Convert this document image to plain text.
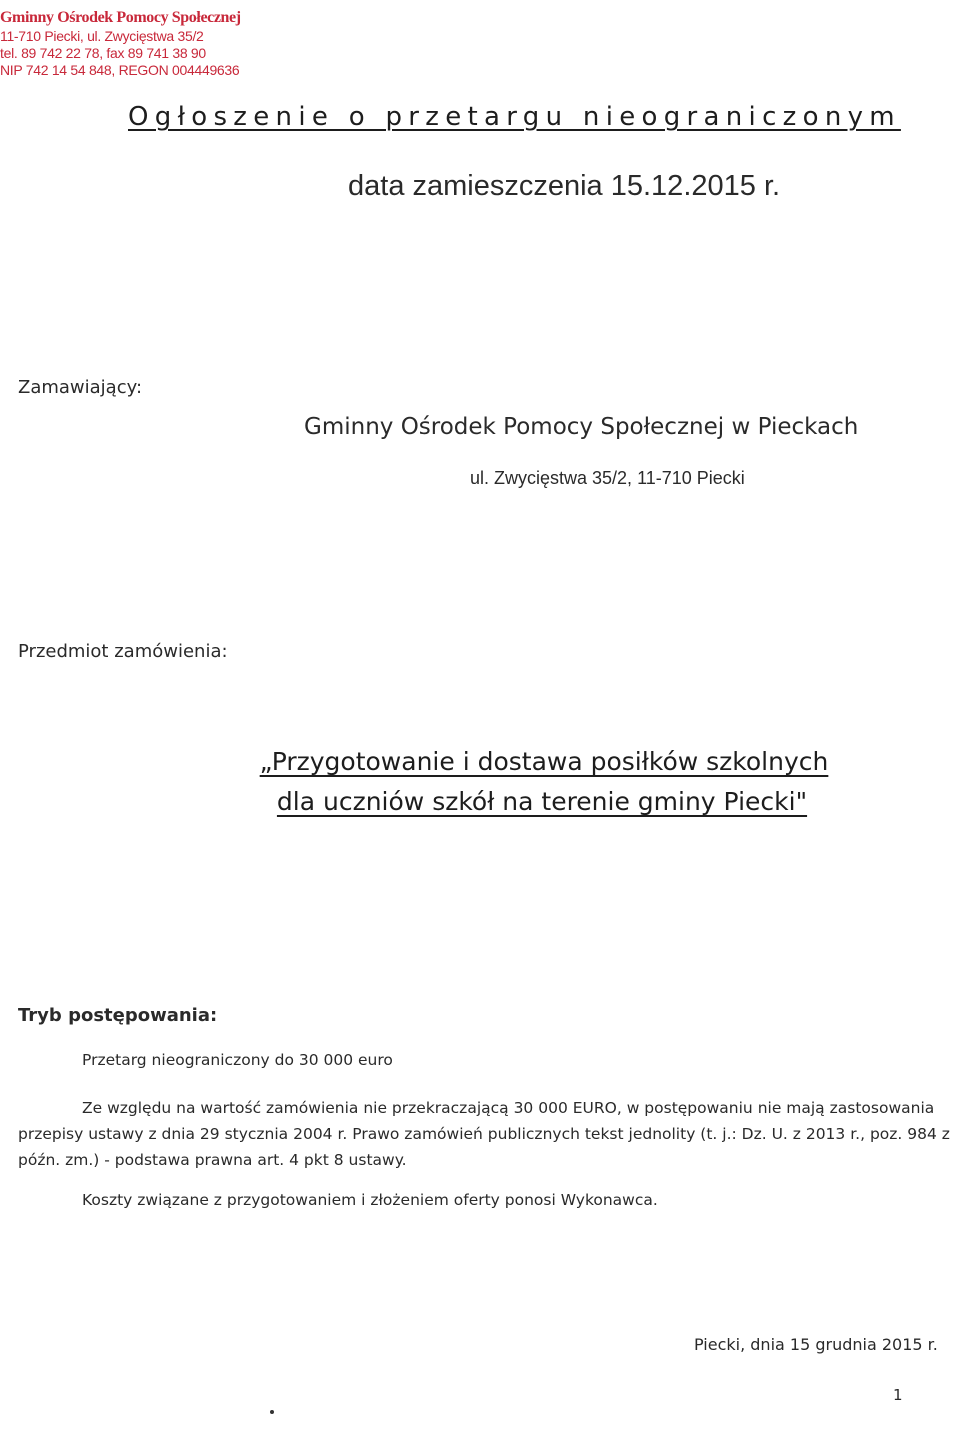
Gminny Ośrodek Pomocy Społecznej
11-710 Piecki, ul. Zwycięstwa 35/2
tel. 89 742 22 78, fax 89 741 38 90
NIP 742 14 54 848, REGON 004449636
Ogłoszenie o przetargu nieograniczonym
data zamieszczenia 15.12.2015 r.
Zamawiający:
Gminny Ośrodek Pomocy Społecznej w Pieckach
ul. Zwycięstwa 35/2, 11-710 Piecki
Przedmiot zamówienia:
„Przygotowanie i dostawa posiłków szkolnych
dla uczniów szkół na terenie gminy Piecki"
Tryb postępowania:
Przetarg nieograniczony do 30 000 euro
Ze względu na wartość zamówienia nie przekraczającą 30 000 EURO, w postępowaniu nie mają zastosowania przepisy ustawy z dnia 29 stycznia 2004 r. Prawo zamówień publicznych tekst jednolity (t. j.: Dz. U. z 2013 r., poz. 984 z późn. zm.) - podstawa prawna art. 4 pkt 8 ustawy.
Koszty związane z przygotowaniem i złożeniem oferty ponosi Wykonawca.
Piecki, dnia 15 grudnia 2015 r.
1
